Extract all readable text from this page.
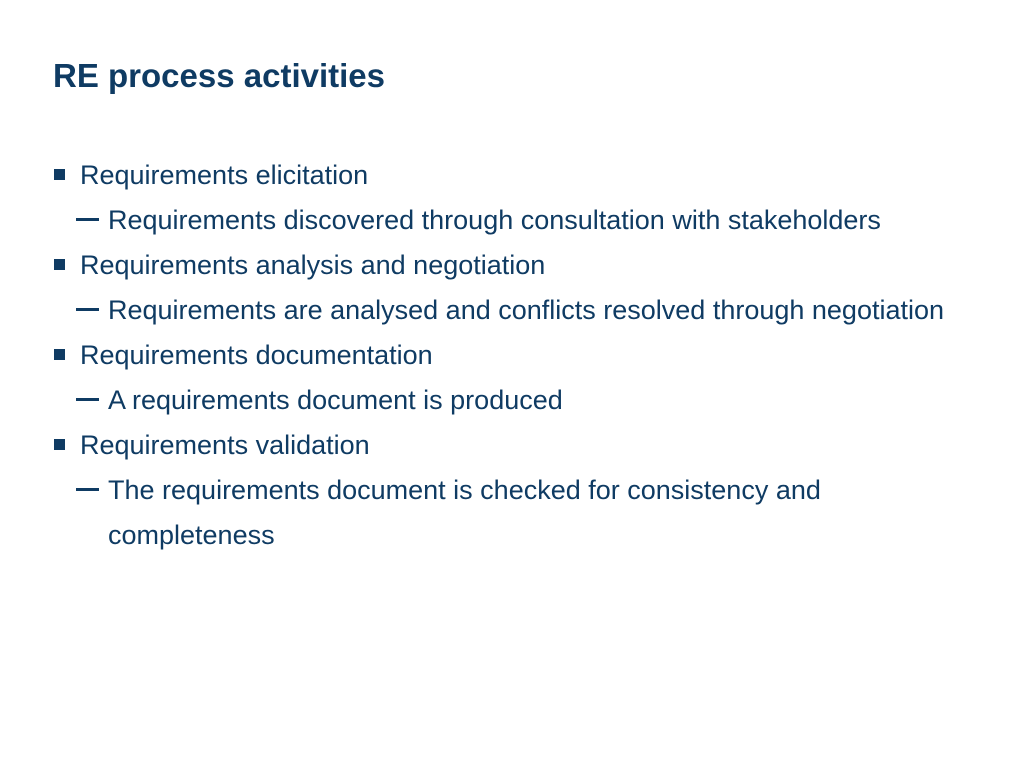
RE process activities
Requirements elicitation
Requirements discovered through consultation with stakeholders
Requirements analysis and negotiation
Requirements are analysed and conflicts resolved through negotiation
Requirements documentation
A requirements document is produced
Requirements validation
The requirements document is checked for consistency and completeness
